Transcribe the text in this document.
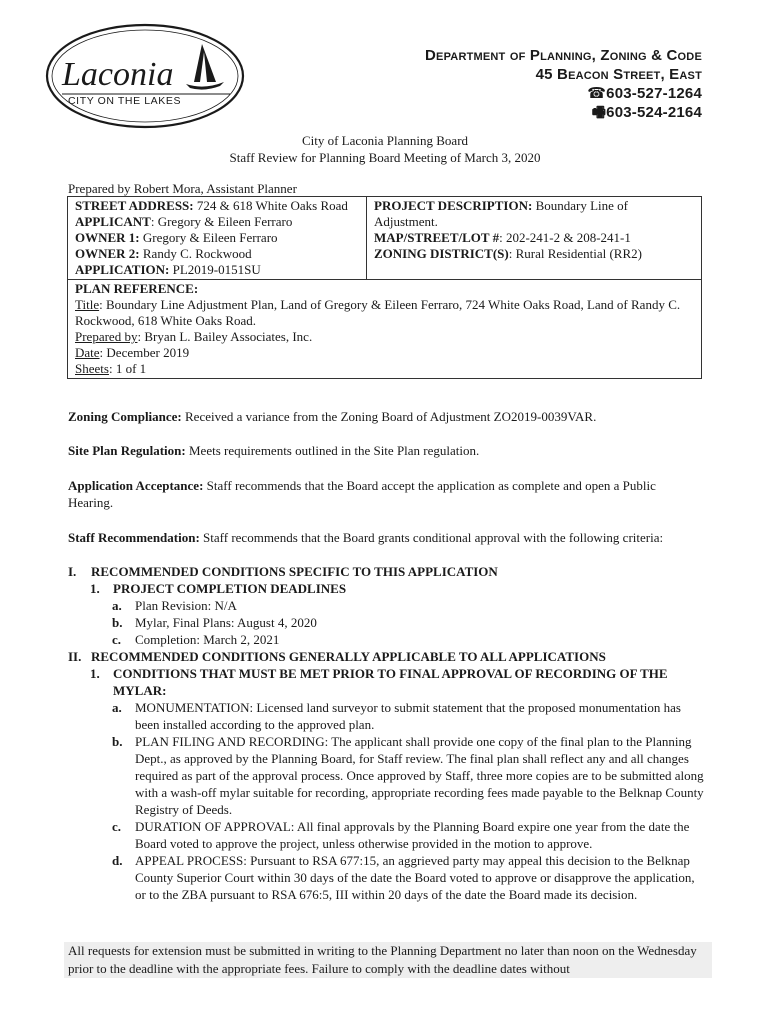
Laconia
CITY ON THE LAKES
Department of Planning, Zoning & Code
45 Beacon Street, East
☎603-527-1264
🖷603-524-2164
City of Laconia Planning Board
Staff Review for Planning Board Meeting of March 3, 2020
Prepared by Robert Mora, Assistant Planner
STREET ADDRESS: 724 & 618 White Oaks Road
APPLICANT: Gregory & Eileen Ferraro
OWNER 1: Gregory & Eileen Ferraro
OWNER 2: Randy C. Rockwood
APPLICATION: PL2019-0151SU

PROJECT DESCRIPTION: Boundary Line of Adjustment.
MAP/STREET/LOT #: 202-241-2 & 208-241-1
ZONING DISTRICT(S): Rural Residential (RR2)

PLAN REFERENCE:
Title: Boundary Line Adjustment Plan, Land of Gregory & Eileen Ferraro, 724 White Oaks Road, Land of Randy C. Rockwood, 618 White Oaks Road.
Prepared by: Bryan L. Bailey Associates, Inc.
Date: December 2019
Sheets: 1 of 1
Zoning Compliance: Received a variance from the Zoning Board of Adjustment ZO2019-0039VAR.
Site Plan Regulation: Meets requirements outlined in the Site Plan regulation.
Application Acceptance: Staff recommends that the Board accept the application as complete and open a Public Hearing.
Staff Recommendation: Staff recommends that the Board grants conditional approval with the following criteria:
I.	RECOMMENDED CONDITIONS SPECIFIC TO THIS APPLICATION
1.	PROJECT COMPLETION DEADLINES
a.	Plan Revision: N/A
b. Mylar, Final Plans: August 4, 2020
c.	Completion: March 2, 2021
II. RECOMMENDED CONDITIONS GENERALLY APPLICABLE TO ALL APPLICATIONS
1.	CONDITIONS THAT MUST BE MET PRIOR TO FINAL APPROVAL OF RECORDING OF THE MYLAR:
a.	MONUMENTATION: Licensed land surveyor to submit statement that the proposed monumentation has been installed according to the approved plan.
b. PLAN FILING AND RECORDING: The applicant shall provide one copy of the final plan to the Planning Dept., as approved by the Planning Board, for Staff review. The final plan shall reflect any and all changes required as part of the approval process. Once approved by Staff, three more copies are to be submitted along with a wash-off mylar suitable for recording, appropriate recording fees made payable to the Belknap County Registry of Deeds.
c.	DURATION OF APPROVAL: All final approvals by the Planning Board expire one year from the date the Board voted to approve the project, unless otherwise provided in the motion to approve.
d. APPEAL PROCESS: Pursuant to RSA 677:15, an aggrieved party may appeal this decision to the Belknap County Superior Court within 30 days of the date the Board voted to approve or disapprove the application, or to the ZBA pursuant to RSA 676:5, III within 20 days of the date the Board made its decision.
All requests for extension must be submitted in writing to the Planning Department no later than noon on the Wednesday prior to the deadline with the appropriate fees. Failure to comply with the deadline dates without
